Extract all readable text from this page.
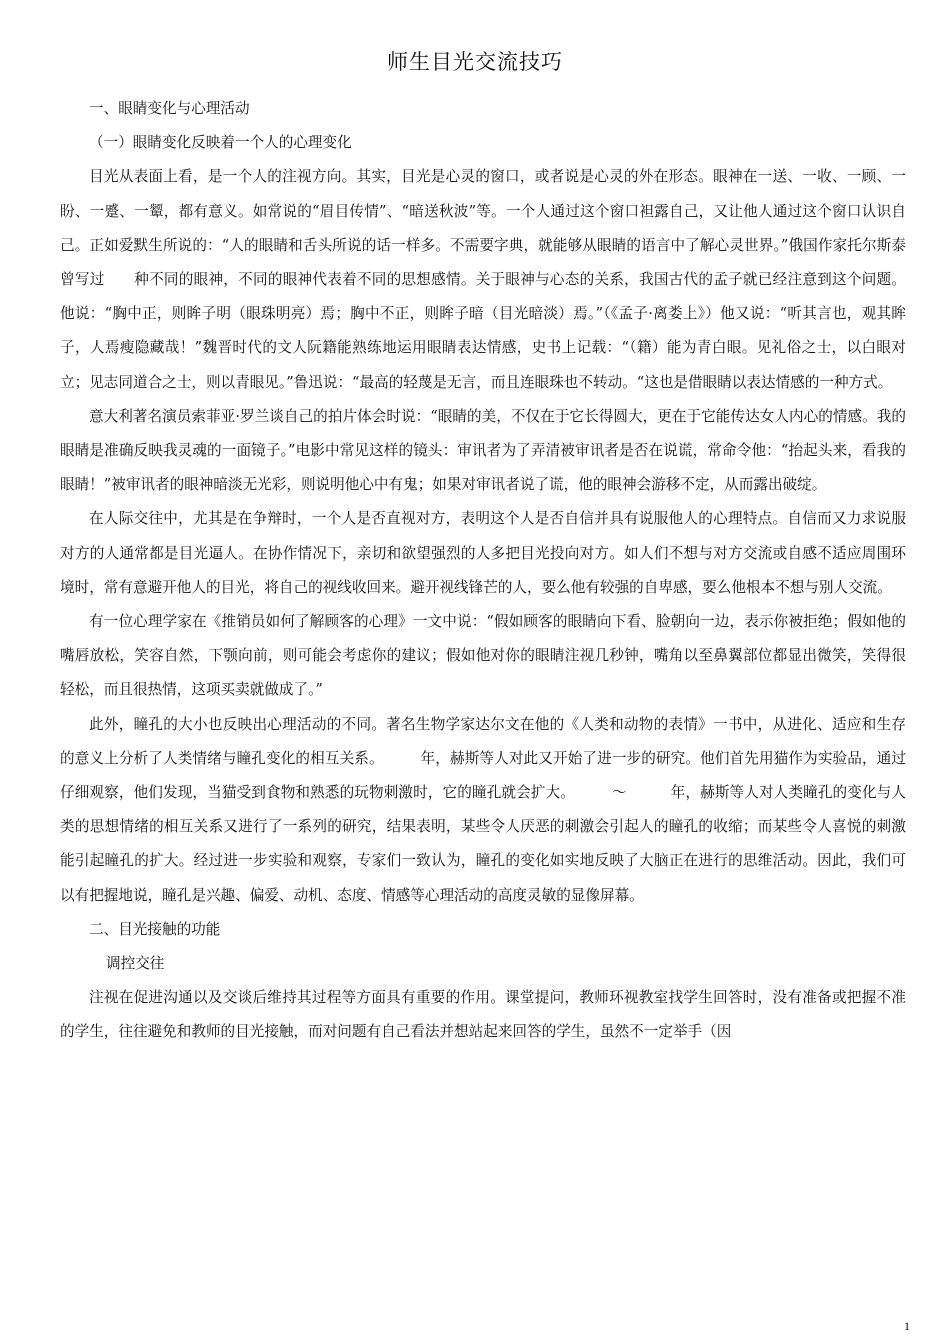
师生目光交流技巧

一、眼睛变化与心理活动

（一）眼睛变化反映着一个人的心理变化

目光从表面上看，是一个人的注视方向。其实，目光是心灵的窗口，或者说是心灵的外在形态。眼神在一送、一收、一顾、一盼、一蹙、一颦，都有意义。如常说的“眉目传情”、“暗送秋波”等。一个人通过这个窗口袒露自己，又让他人通过这个窗口认识自己。正如爱默生所说的：“人的眼睛和舌头所说的话一样多。不需要字典，就能够从眼睛的语言中了解心灵世界。”俄国作家托尔斯泰曾写过　　种不同的眼神，不同的眼神代表着不同的思想感情。关于眼神与心态的关系，我国古代的孟子就已经注意到这个问题。他说：“胸中正，则眸子明（眼珠明亮）焉；胸中不正，则眸子暗（目光暗淡）焉。”（《孟子·离娄上》）他又说：“听其言也，观其眸子，人焉瘦隐藏哉！”魏晋时代的文人阮籍能熟练地运用眼睛表达情感，史书上记载：“（籍）能为青白眼。见礼俗之士，以白眼对立；见志同道合之士，则以青眼见。”鲁迅说：“最高的轻蔑是无言，而且连眼珠也不转动。“这也是借眼睛以表达情感的一种方式。

意大利著名演员索菲亚·罗兰谈自己的拍片体会时说：“眼睛的美，不仅在于它长得圆大，更在于它能传达女人内心的情感。我的眼睛是准确反映我灵魂的一面镜子。”电影中常见这样的镜头：审讯者为了弄清被审讯者是否在说谎，常命令他：“抬起头来，看我的眼睛！”被审讯者的眼神暗淡无光彩，则说明他心中有鬼；如果对审讯者说了谎，他的眼神会游移不定，从而露出破绽。

在人际交往中，尤其是在争辩时，一个人是否直视对方，表明这个人是否自信并具有说服他人的心理特点。自信而又力求说服对方的人通常都是目光逼人。在协作情况下，亲切和欲望强烈的人多把目光投向对方。如人们不想与对方交流或自感不适应周围环境时，常有意避开他人的目光，将自己的视线收回来。避开视线锋芒的人，要么他有较强的自卑感，要么他根本不想与别人交流。

有一位心理学家在《推销员如何了解顾客的心理》一文中说：“假如顾客的眼睛向下看、脸朝向一边，表示你被拒绝；假如他的嘴唇放松，笑容自然，下颚向前，则可能会考虑你的建议；假如他对你的眼睛注视几秒钟，嘴角以至鼻翼部位都显出微笑，笑得很轻松，而且很热情，这项买卖就做成了。”

此外，瞳孔的大小也反映出心理活动的不同。著名生物学家达尔文在他的《人类和动物的表情》一书中，从进化、适应和生存的意义上分析了人类情绪与瞳孔变化的相互关系。　　　年，赫斯等人对此又开始了进一步的研究。他们首先用猫作为实验品，通过仔细观察，他们发现，当猫受到食物和熟悉的玩物刺激时，它的瞳孔就会扩大。　　　～　　　年，赫斯等人对人类瞳孔的变化与人类的思想情绪的相互关系又进行了一系列的研究，结果表明，某些令人厌恶的刺激会引起人的瞳孔的收缩；而某些令人喜悦的刺激能引起瞳孔的扩大。经过进一步实验和观察，专家们一致认为，瞳孔的变化如实地反映了大脑正在进行的思维活动。因此，我们可以有把握地说，瞳孔是兴趣、偏爱、动机、态度、情感等心理活动的高度灵敏的显像屏幕。

二、目光接触的功能

调控交往

注视在促进沟通以及交谈后维持其过程等方面具有重要的作用。课堂提问，教师环视教室找学生回答时，没有准备或把握不准的学生，往往避免和教师的目光接触，而对问题有自己看法并想站起来回答的学生，虽然不一定举手（因

1
